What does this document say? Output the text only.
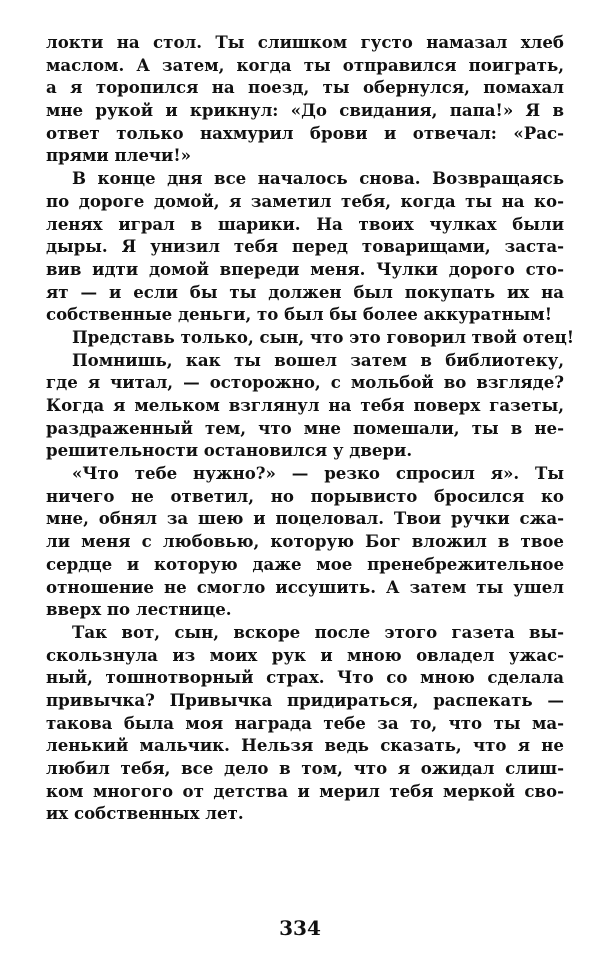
локти на стол. Ты слишком густо намазал хлеб
маслом. А затем, когда ты отправился поиграть,
а я торопился на поезд, ты обернулся, помахал
мне рукой и крикнул: «До свидания, папа!» Я в
ответ только нахмурил брови и отвечал: «Рас-
прями плечи!»
В конце дня все началось снова. Возвращаясь
по дороге домой, я заметил тебя, когда ты на ко-
ленях играл в шарики. На твоих чулках были
дыры. Я унизил тебя перед товарищами, заста-
вив идти домой впереди меня. Чулки дорого сто-
ят — и если бы ты должен был покупать их на
собственные деньги, то был бы более аккуратным!
Представь только, сын, что это говорил твой отец!
Помнишь, как ты вошел затем в библиотеку,
где я читал, — осторожно, с мольбой во взгляде?
Когда я мельком взглянул на тебя поверх газеты,
раздраженный тем, что мне помешали, ты в не-
решительности остановился у двери.
«Что тебе нужно?» — резко спросил я». Ты
ничего не ответил, но порывисто бросился ко
мне, обнял за шею и поцеловал. Твои ручки сжа-
ли меня с любовью, которую Бог вложил в твое
сердце и которую даже мое пренебрежительное
отношение не смогло иссушить. А затем ты ушел
вверх по лестнице.
Так вот, сын, вскоре после этого газета вы-
скользнула из моих рук и мною овладел ужас-
ный, тошнотворный страх. Что со мною сделала
привычка? Привычка придираться, распекать —
такова была моя награда тебе за то, что ты ма-
ленький мальчик. Нельзя ведь сказать, что я не
любил тебя, все дело в том, что я ожидал слиш-
ком многого от детства и мерил тебя меркой сво-
их собственных лет.
334
